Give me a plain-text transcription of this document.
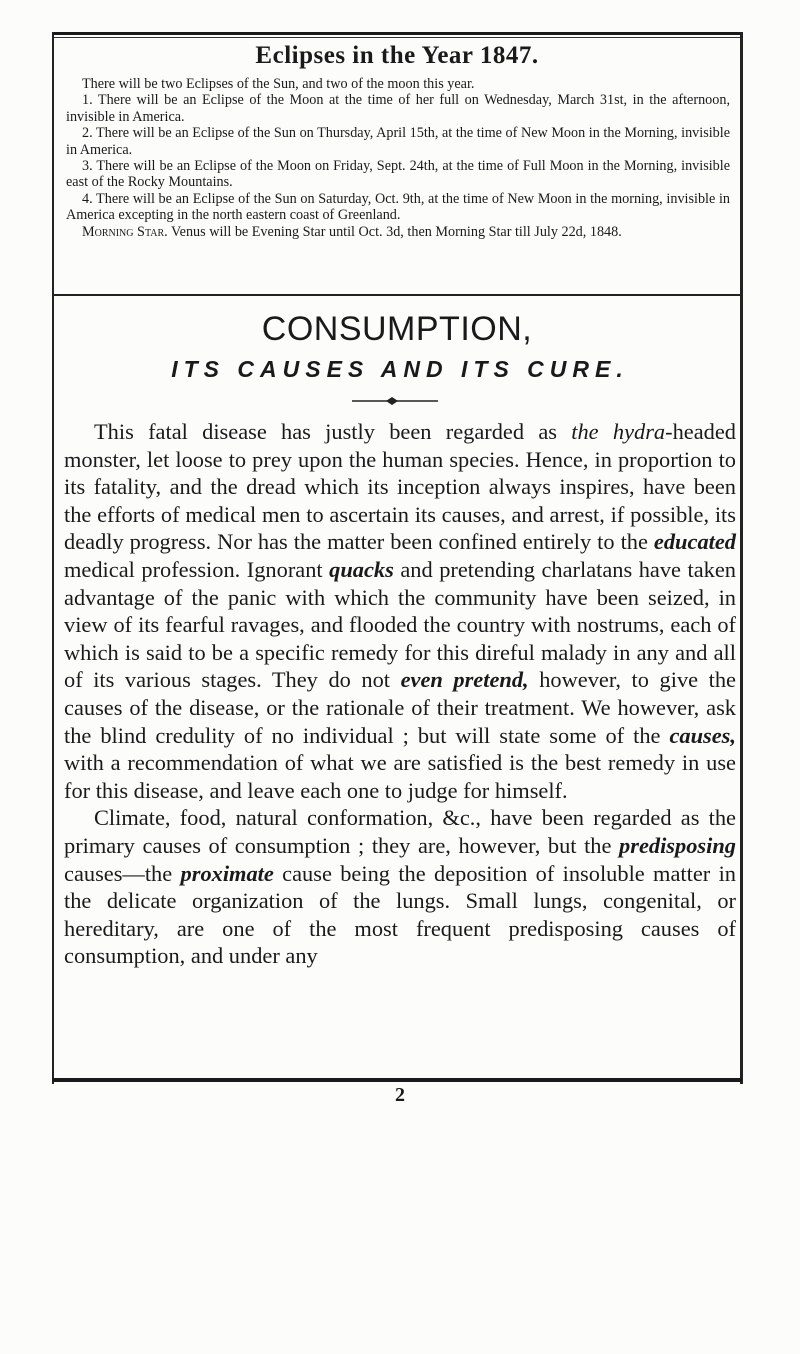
Eclipses in the Year 1847.

There will be two Eclipses of the Sun, and two of the moon this year.

1. There will be an Eclipse of the Moon at the time of her full on Wednesday, March 31st, in the afternoon, invisible in America.

2. There will be an Eclipse of the Sun on Thursday, April 15th, at the time of New Moon in the Morning, invisible in America.

3. There will be an Eclipse of the Moon on Friday, Sept. 24th, at the time of Full Moon in the Morning, invisible east of the Rocky Mountains.

4. There will be an Eclipse of the Sun on Saturday, Oct. 9th, at the time of New Moon in the morning, invisible in America excepting in the north eastern coast of Greenland.

Morning Star. Venus will be Evening Star until Oct. 3d, then Morning Star till July 22d, 1848.

CONSUMPTION,
ITS CAUSES AND ITS CURE.

This fatal disease has justly been regarded as the hydra-headed monster, let loose to prey upon the human species. Hence, in proportion to its fatality, and the dread which its inception always inspires, have been the efforts of medical men to ascertain its causes, and arrest, if possible, its deadly progress. Nor has the matter been confined entirely to the educated medical profession. Ignorant quacks and pretending charlatans have taken advantage of the panic with which the community have been seized, in view of its fearful ravages, and flooded the country with nostrums, each of which is said to be a specific remedy for this direful malady in any and all of its various stages. They do not even pretend, however, to give the causes of the disease, or the rationale of their treatment. We however, ask the blind credulity of no individual ; but will state some of the causes, with a recommendation of what we are satisfied is the best remedy in use for this disease, and leave each one to judge for himself.

Climate, food, natural conformation, &c., have been regarded as the primary causes of consumption ; they are, however, but the predisposing causes—the proximate cause being the deposition of insoluble matter in the delicate organization of the lungs. Small lungs, congenital, or hereditary, are one of the most frequent predisposing causes of consumption, and under any

2
